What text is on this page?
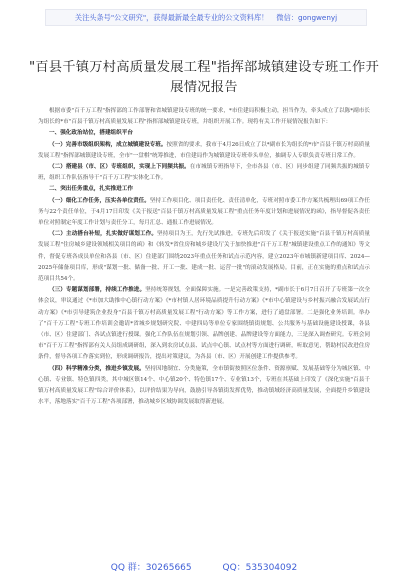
关注头条号"公文研究"，获得最新最全最专业的公文资料库！ 微信：gongwenyj
"百县千镇万村高质量发展工程"指挥部城镇建设专班工作开展情况报告

根据市委"百千万工程"指挥部的工作部署和省城镇建设专班的统一要求，*市住建局积极主动，担当作为，牵头成立了以陈*副市长为组长的*市"百县千镇万村高质量发展工程"指挥部城镇建设专班，并组织开展工作。现将有关工作开展情况报告如下：

一、强化政治站位，搭建组织平台

（一）完善市级组织架构，成立城镇建设专班。按照省的要求，我市于4月26日成立了以*副市长为组长的*市"百县千镇万村高质量发展工程"指挥部城镇建设专班，全市"一盘棋"统筹推进，市住建局作为城镇建设专班牵头单位，抽调专人专职负责专班日常工作。

（二）搭建县（市、区）专班组织，实现上下同频共振。在市城镇专班指导下，全市各县（市、区）同步组建了同频共振的城镇专班，组织工作队伍指导干"百千万工程"实体化工作。

二、突出任务重点，扎实推进工作

（一）细化工作任务，压实各单位责任。坚持工作项目化、项目责任化、责任清单化，专班对照市委工作方案共梳理出69项工作任务与22个责任单位，于4月17日印发《关于报送"百县千镇万村高质量发展工程"重点任务年度计划和进展情况的函》，指导督促各责任单位对照制定年度工作计划与责任分工，每月汇总、通报工作进展情况。

（二）主动搭台补短，扎实做好谋划工作。坚持项目为王，先行先试推进，专班先后印发了《关于报送实施"百县千镇万村高质量发展工程"住房城乡建设领域相关项目的函》和《转发*省住房和城乡建设厅关于加快推进"百千万工程"城镇建设重点工作的通知》等文件，督促专班各成员单位和各县（市、区）住建部门围绕2023年重点任务和试点示范内容，建立2023年市城镇新建项目库、2024—2025年储备项目库，形成"谋划一批、储备一批、开工一批、建成一批、运营一批"的滚动发展格局。目前，正在实施的重点和试点示范项目共54个。

（三）专题谋划部署，持续工作推进。坚持统筹规划，全面保障实施。一是完善政策支持，*副市长于6月7日召开了专班第一次全体会议，审议通过《*市加大助推中心镇行动方案》《*市村镇人居环境品质提升行动方案》《*市中心镇建设与乡村振兴融合发展试点行动方案》《*市引导建筑企业投身"百县千镇万村高质量发展工程"行动方案》等工作方案，进行了通盘部署。二是强化业务培训。举办了"百千万工程"专班工作培训会邀请*省城乡规划研究院、中建四局等单位专家围绕镇街规划、公共服务与基础设施建设授课，各县（市、区）住建部门、各试点镇进行授课。强化工作队伍在规划引领、品牌创建、品牌建设等方面能力，三是深入调查研究。专班会同市"百千万工程"指挥部有关人员组成调研组，深入到农房试点县、试点中心镇、试点村等方面进行调研，听取意见，帮助村民改进住房条件，督导各项工作落实到位，形成调研报告，提出对策建议，为各县（市、区）开展创建工作提供参考。

（四）科学精准分类，推进乡镇发展。坚持因地制宜、分类施策，全市镇街按照区位条件、资源禀赋、发展基础等分为城区镇、中心镇、专业镇、特色镇四类，其中城区镇14个、中心镇20个、特色镇17个、专业镇13个，专班在其基础上印发了《深化实施"百县千镇万村高质量发展工程"综合评价体系》，以评价结果为导向，鼓励引导各镇街发挥优势，推动镇域经济高质量发展，全面提升乡镇建设水平，落地落实"百千万工程"各项部署，推动城乡区域协调发展取得新进展。

QQ 群：30265665	QQ：535304092
